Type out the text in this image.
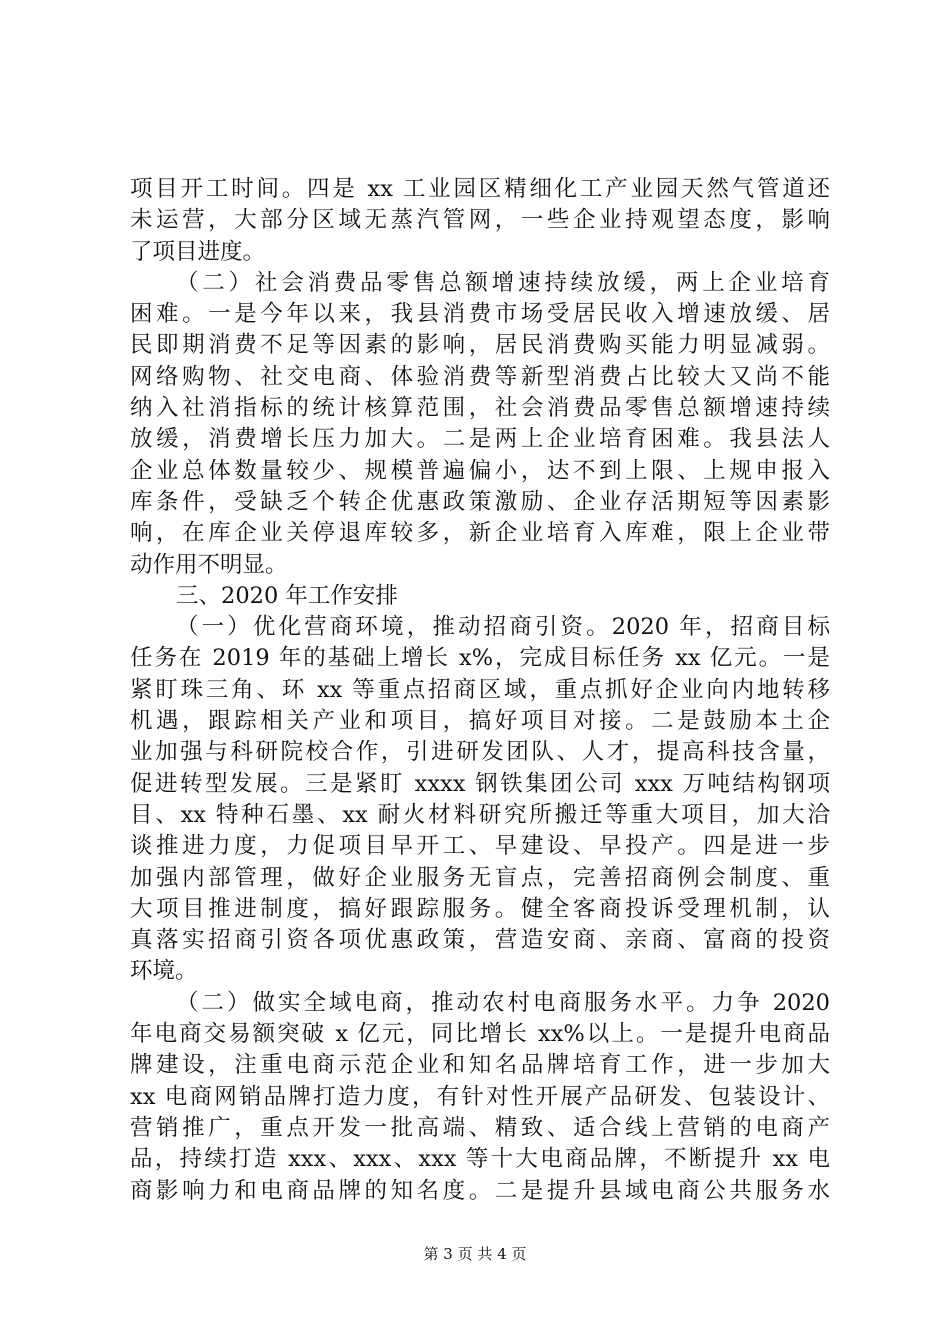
项目开工时间。四是 xx 工业园区精细化工产业园天然气管道还
未运营，大部分区域无蒸汽管网，一些企业持观望态度，影响
了项目进度。
（二）社会消费品零售总额增速持续放缓，两上企业培育
困难。一是今年以来，我县消费市场受居民收入增速放缓、居
民即期消费不足等因素的影响，居民消费购买能力明显减弱。
网络购物、社交电商、体验消费等新型消费占比较大又尚不能
纳入社消指标的统计核算范围，社会消费品零售总额增速持续
放缓，消费增长压力加大。二是两上企业培育困难。我县法人
企业总体数量较少、规模普遍偏小，达不到上限、上规申报入
库条件，受缺乏个转企优惠政策激励、企业存活期短等因素影
响，在库企业关停退库较多，新企业培育入库难，限上企业带
动作用不明显。
三、2020 年工作安排
（一）优化营商环境，推动招商引资。2020 年，招商目标
任务在 2019 年的基础上增长 x%，完成目标任务 xx 亿元。一是
紧盯珠三角、环 xx 等重点招商区域，重点抓好企业向内地转移
机遇，跟踪相关产业和项目，搞好项目对接。二是鼓励本土企
业加强与科研院校合作，引进研发团队、人才，提高科技含量，
促进转型发展。三是紧盯 xxxx 钢铁集团公司 xxx 万吨结构钢项
目、xx 特种石墨、xx 耐火材料研究所搬迁等重大项目，加大洽
谈推进力度，力促项目早开工、早建设、早投产。四是进一步
加强内部管理，做好企业服务无盲点，完善招商例会制度、重
大项目推进制度，搞好跟踪服务。健全客商投诉受理机制，认
真落实招商引资各项优惠政策，营造安商、亲商、富商的投资
环境。
（二）做实全域电商，推动农村电商服务水平。力争 2020
年电商交易额突破 x 亿元，同比增长 xx%以上。一是提升电商品
牌建设，注重电商示范企业和知名品牌培育工作，进一步加大
xx 电商网销品牌打造力度，有针对性开展产品研发、包装设计、
营销推广，重点开发一批高端、精致、适合线上营销的电商产
品，持续打造 xxx、xxx、xxx 等十大电商品牌，不断提升 xx 电
商影响力和电商品牌的知名度。二是提升县域电商公共服务水
第 3 页 共 4 页
